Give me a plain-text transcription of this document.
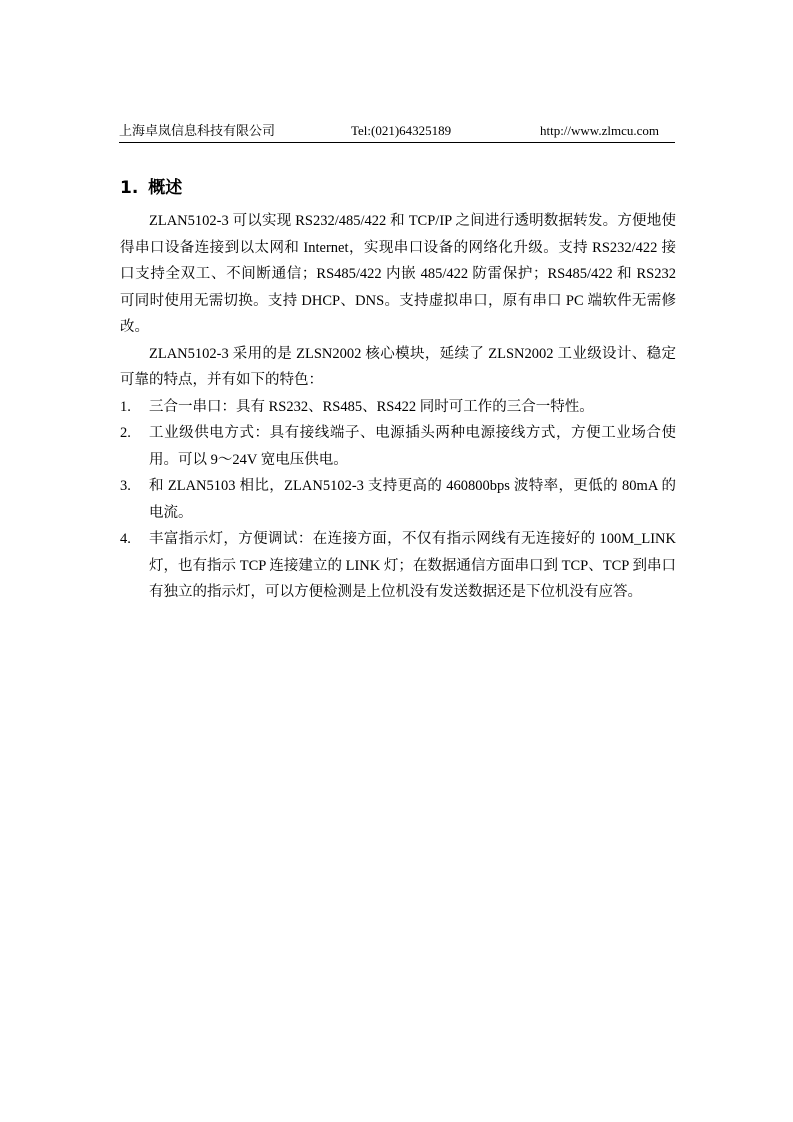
上海卓岚信息科技有限公司	Tel:(021)64325189	http://www.zlmcu.com
1. 概述

ZLAN5102-3 可以实现 RS232/485/422 和 TCP/IP 之间进行透明数据转发。方便地使得串口设备连接到以太网和 Internet，实现串口设备的网络化升级。支持 RS232/422 接口支持全双工、不间断通信；RS485/422 内嵌 485/422 防雷保护；RS485/422 和 RS232 可同时使用无需切换。支持 DHCP、DNS。支持虚拟串口，原有串口 PC 端软件无需修改。

ZLAN5102-3 采用的是 ZLSN2002 核心模块，延续了 ZLSN2002 工业级设计、稳定可靠的特点，并有如下的特色：

1. 三合一串口：具有 RS232、RS485、RS422 同时可工作的三合一特性。
2. 工业级供电方式：具有接线端子、电源插头两种电源接线方式，方便工业场合使用。可以 9～24V 宽电压供电。
3. 和 ZLAN5103 相比，ZLAN5102-3 支持更高的 460800bps 波特率，更低的 80mA 的电流。
4. 丰富指示灯，方便调试：在连接方面，不仅有指示网线有无连接好的 100M_LINK 灯，也有指示 TCP 连接建立的 LINK 灯；在数据通信方面串口到 TCP、TCP 到串口有独立的指示灯，可以方便检测是上位机没有发送数据还是下位机没有应答。
